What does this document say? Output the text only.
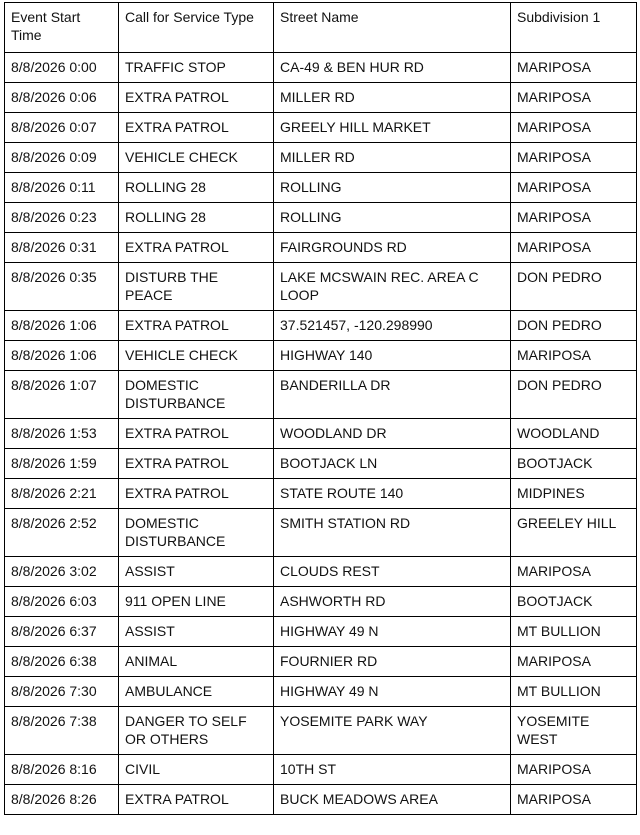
Event Start Time	Call for Service Type	Street Name	Subdivision 1
8/8/2026 0:00	TRAFFIC STOP	CA-49 & BEN HUR RD	MARIPOSA
8/8/2026 0:06	EXTRA PATROL	MILLER RD	MARIPOSA
8/8/2026 0:07	EXTRA PATROL	GREELY HILL MARKET	MARIPOSA
8/8/2026 0:09	VEHICLE CHECK	MILLER RD	MARIPOSA
8/8/2026 0:11	ROLLING 28	ROLLING	MARIPOSA
8/8/2026 0:23	ROLLING 28	ROLLING	MARIPOSA
8/8/2026 0:31	EXTRA PATROL	FAIRGROUNDS RD	MARIPOSA
8/8/2026 0:35	DISTURB THE PEACE	LAKE MCSWAIN REC. AREA C LOOP	DON PEDRO
8/8/2026 1:06	EXTRA PATROL	37.521457, -120.298990	DON PEDRO
8/8/2026 1:06	VEHICLE CHECK	HIGHWAY 140	MARIPOSA
8/8/2026 1:07	DOMESTIC DISTURBANCE	BANDERILLA DR	DON PEDRO
8/8/2026 1:53	EXTRA PATROL	WOODLAND DR	WOODLAND
8/8/2026 1:59	EXTRA PATROL	BOOTJACK LN	BOOTJACK
8/8/2026 2:21	EXTRA PATROL	STATE ROUTE 140	MIDPINES
8/8/2026 2:52	DOMESTIC DISTURBANCE	SMITH STATION RD	GREELEY HILL
8/8/2026 3:02	ASSIST	CLOUDS REST	MARIPOSA
8/8/2026 6:03	911 OPEN LINE	ASHWORTH RD	BOOTJACK
8/8/2026 6:37	ASSIST	HIGHWAY 49 N	MT BULLION
8/8/2026 6:38	ANIMAL	FOURNIER RD	MARIPOSA
8/8/2026 7:30	AMBULANCE	HIGHWAY 49 N	MT BULLION
8/8/2026 7:38	DANGER TO SELF OR OTHERS	YOSEMITE PARK WAY	YOSEMITE WEST
8/8/2026 8:16	CIVIL	10TH ST	MARIPOSA
8/8/2026 8:26	EXTRA PATROL	BUCK MEADOWS AREA	MARIPOSA
